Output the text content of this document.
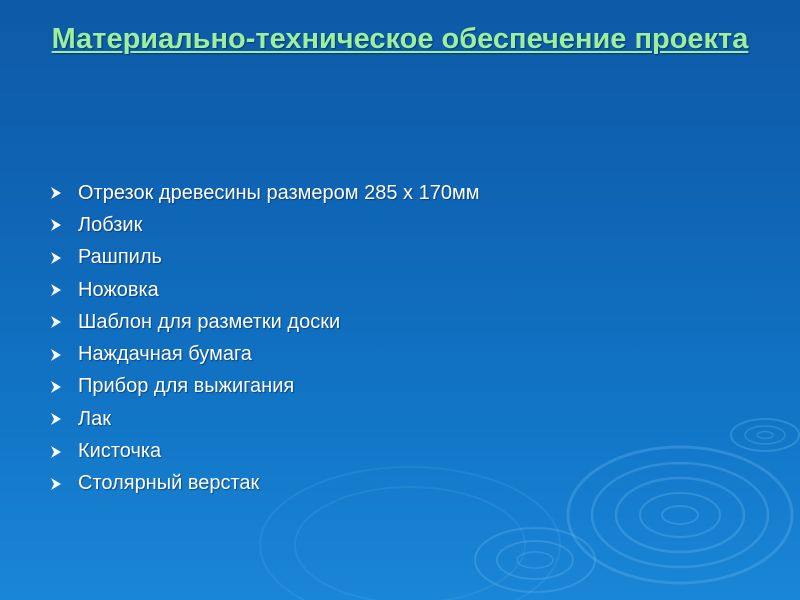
Материально-техническое обеспечение проекта
Отрезок древесины размером 285 х 170мм
Лобзик
Рашпиль
Ножовка
Шаблон для разметки доски
Наждачная бумага
Прибор для выжигания
Лак
Кисточка
Столярный верстак
